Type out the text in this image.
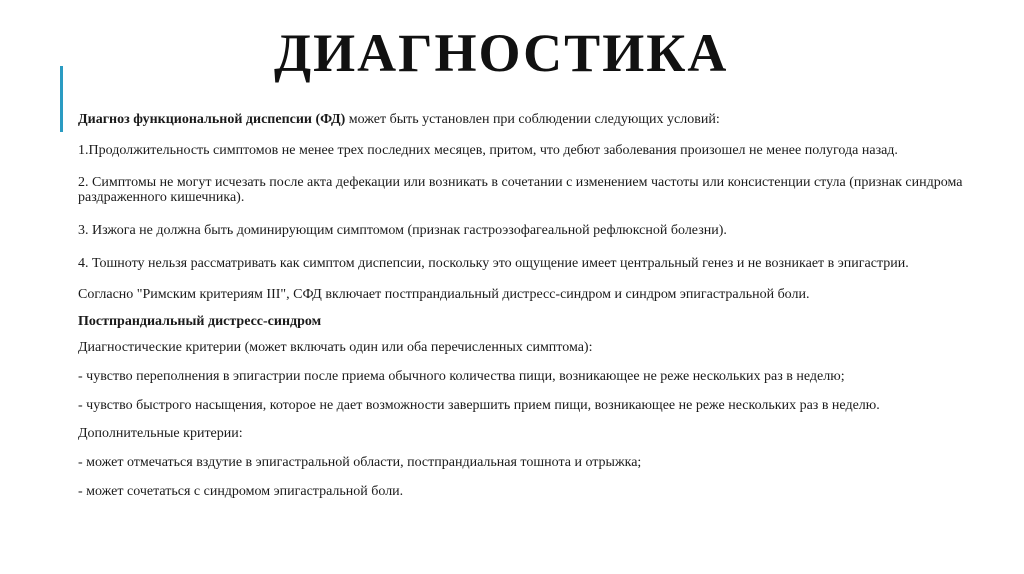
ДИАГНОСТИКА

Диагноз функциональной диспепсии (ФД) может быть установлен при соблюдении следующих условий:

1.Продолжительность симптомов не менее трех последних месяцев, притом, что дебют заболевания произошел не менее полугода назад.

2. Симптомы не могут исчезать после акта дефекации или возникать в сочетании с изменением частоты или консистенции стула (признак синдрома раздраженного кишечника).

3. Изжога не должна быть доминирующим симптомом (признак гастроэзофагеальной рефлюксной болезни).

4. Тошноту нельзя рассматривать как симптом диспепсии, поскольку это ощущение имеет центральный генез и не возникает в эпигастрии.

Согласно "Римским критериям III", СФД включает постпрандиальный дистресс-синдром и синдром эпигастральной боли.

Постпрандиальный дистресс-синдром

Диагностические критерии (может включать один или оба перечисленных симптома):

- чувство переполнения в эпигастрии после приема обычного количества пищи, возникающее не реже нескольких раз в неделю;

- чувство быстрого насыщения, которое не дает возможности завершить прием пищи, возникающее не реже нескольких раз в неделю.

Дополнительные критерии:

- может отмечаться вздутие в эпигастральной области, постпрандиальная тошнота и отрыжка;

- может сочетаться с синдромом эпигастральной боли.
